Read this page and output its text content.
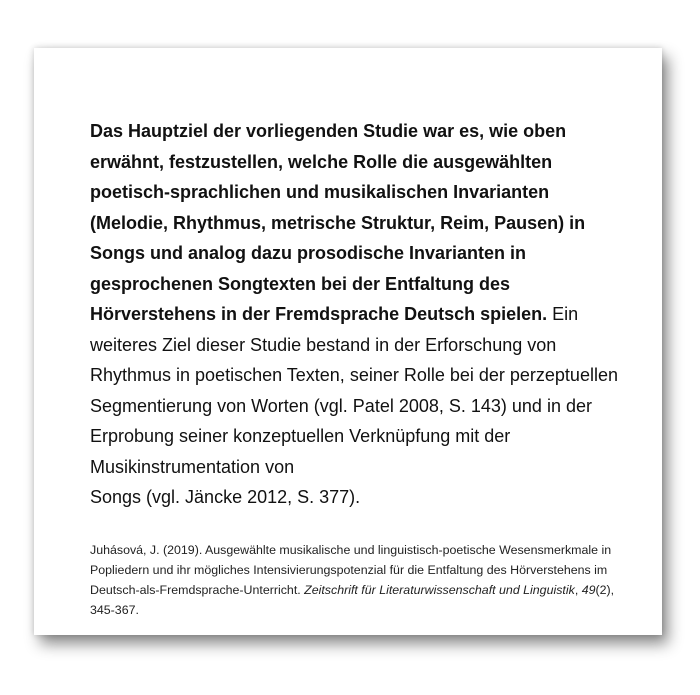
Das Hauptziel der vorliegenden Studie war es, wie oben erwähnt, festzustellen, welche Rolle die ausgewählten poetisch-sprachlichen und musikalischen Invarianten (Melodie, Rhythmus, metrische Struktur, Reim, Pausen) in Songs und analog dazu prosodische Invarianten in gesprochenen Songtexten bei der Entfaltung des Hörverstehens in der Fremdsprache Deutsch spielen. Ein weiteres Ziel dieser Studie bestand in der Erforschung von Rhythmus in poetischen Texten, seiner Rolle bei der perzeptuellen Segmentierung von Worten (vgl. Patel 2008, S. 143) und in der Erprobung seiner konzeptuellen Verknüpfung mit der Musikinstrumentation von
Songs (vgl. Jäncke 2012, S. 377).

Juhásová, J. (2019). Ausgewählte musikalische und linguistisch-poetische Wesensmerkmale in Popliedern und ihr mögliches Intensivierungspotenzial für die Entfaltung des Hörverstehens im Deutsch-als-Fremdsprache-Unterricht. Zeitschrift für Literaturwissenschaft und Linguistik, 49(2), 345-367.
